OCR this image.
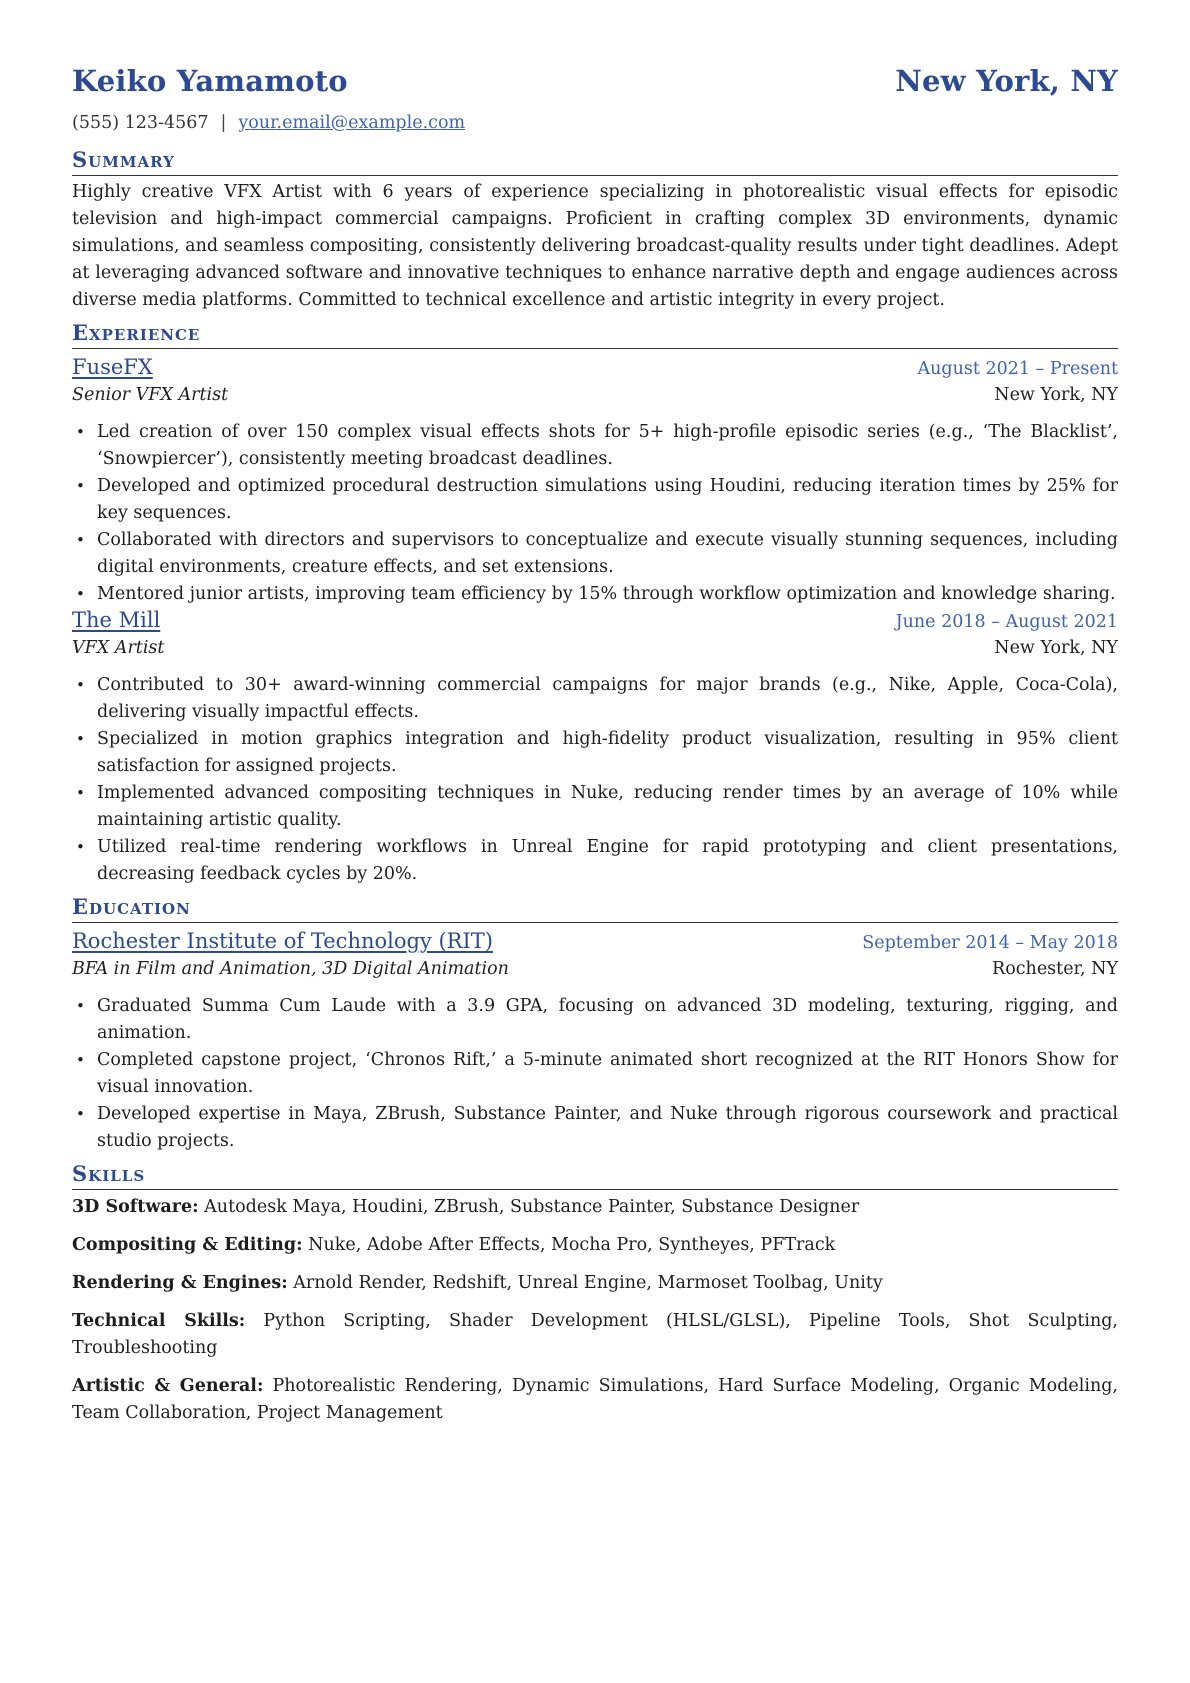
Keiko Yamamoto	New York, NY
(555) 123-4567 | your.email@example.com
Summary

Highly creative VFX Artist with 6 years of experience specializing in photorealistic visual effects for episodic television and high-impact commercial campaigns. Proficient in crafting complex 3D environments, dynamic simulations, and seamless compositing, consistently delivering broadcast-quality results under tight deadlines. Adept at leveraging advanced software and innovative techniques to enhance narrative depth and engage audiences across diverse media platforms. Committed to technical excellence and artistic integrity in every project.

Experience
FuseFX	August 2021 – Present
Senior VFX Artist	New York, NY
• Led creation of over 150 complex visual effects shots for 5+ high-profile episodic series (e.g., ‘The Blacklist’, ‘Snowpiercer’), consistently meeting broadcast deadlines.
• Developed and optimized procedural destruction simulations using Houdini, reducing iteration times by 25% for key sequences.
• Collaborated with directors and supervisors to conceptualize and execute visually stunning sequences, including digital environments, creature effects, and set extensions.
• Mentored junior artists, improving team efficiency by 15% through workflow optimization and knowledge sharing.
The Mill	June 2018 – August 2021
VFX Artist	New York, NY
• Contributed to 30+ award-winning commercial campaigns for major brands (e.g., Nike, Apple, Coca-Cola), delivering visually impactful effects.
• Specialized in motion graphics integration and high-fidelity product visualization, resulting in 95% client satisfaction for assigned projects.
• Implemented advanced compositing techniques in Nuke, reducing render times by an average of 10% while maintaining artistic quality.
• Utilized real-time rendering workflows in Unreal Engine for rapid prototyping and client presentations, decreasing feedback cycles by 20%.
Education
Rochester Institute of Technology (RIT)	September 2014 – May 2018
BFA in Film and Animation, 3D Digital Animation	Rochester, NY
• Graduated Summa Cum Laude with a 3.9 GPA, focusing on advanced 3D modeling, texturing, rigging, and animation.
• Completed capstone project, ‘Chronos Rift,’ a 5-minute animated short recognized at the RIT Honors Show for visual innovation.
• Developed expertise in Maya, ZBrush, Substance Painter, and Nuke through rigorous coursework and practical studio projects.
Skills

3D Software: Autodesk Maya, Houdini, ZBrush, Substance Painter, Substance Designer

Compositing & Editing: Nuke, Adobe After Effects, Mocha Pro, Syntheyes, PFTrack

Rendering & Engines: Arnold Render, Redshift, Unreal Engine, Marmoset Toolbag, Unity

Technical Skills: Python Scripting, Shader Development (HLSL/GLSL), Pipeline Tools, Shot Sculpting, Troubleshooting

Artistic & General: Photorealistic Rendering, Dynamic Simulations, Hard Surface Modeling, Organic Modeling, Team Collaboration, Project Management
